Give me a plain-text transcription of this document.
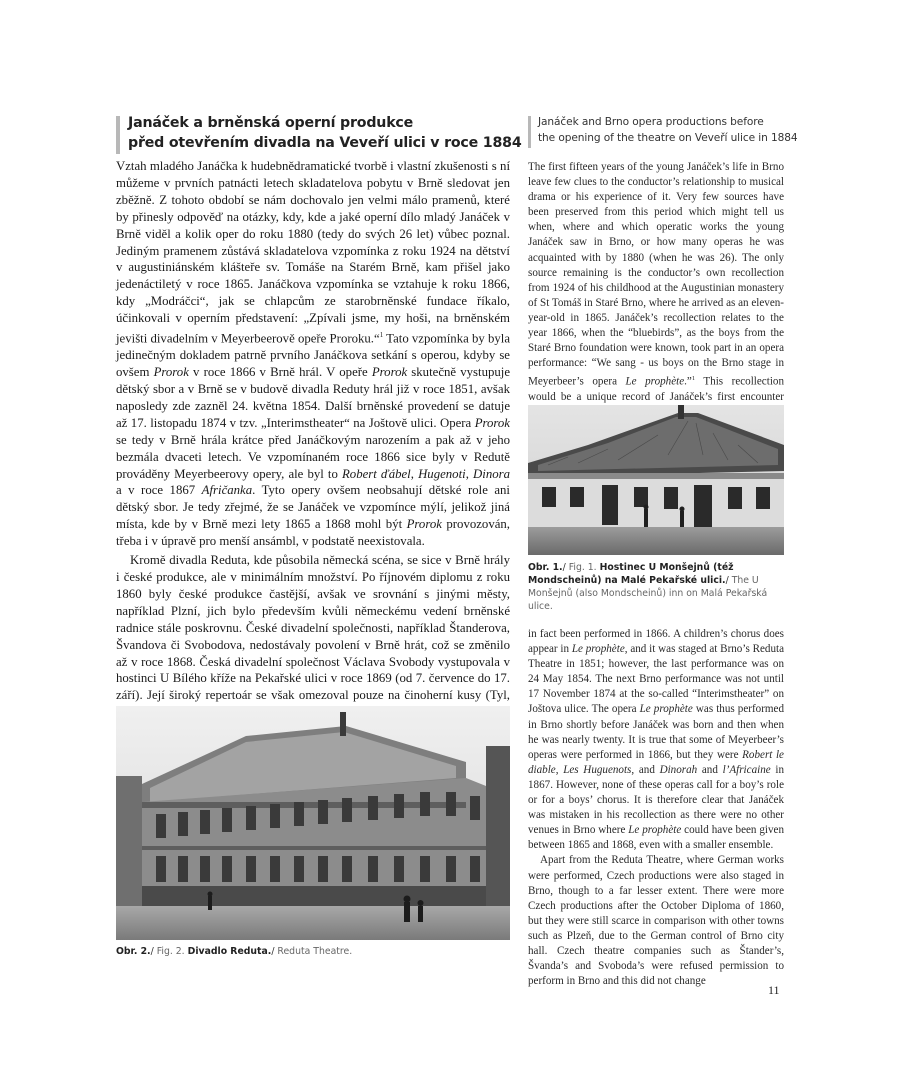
Janáček a brněnská operní produkce
před otevřením divadla na Veveří ulici v roce 1884

Vztah mladého Janáčka k hudebnědramatické tvorbě i vlastní zkušenosti s ní můžeme v prvních patnácti letech skladatelova pobytu v Brně sledovat jen zběžně. Z tohoto období se nám dochovalo jen velmi málo pramenů, které by přinesly odpověď na otázky, kdy, kde a jaké operní dílo mladý Janáček v Brně viděl a kolik oper do roku 1880 (tedy do svých 26 let) vůbec poznal. Jediným pramenem zůstává skladatelova vzpomínka z roku 1924 na dětství v augustiniánském klášteře sv. Tomáše na Starém Brně, kam přišel jako jedenáctiletý v roce 1865. Janáčkova vzpomínka se vztahuje k roku 1866, kdy „Modráčci“, jak se chlapcům ze starobrněnské fundace říkalo, účinkovali v operním představení: „Zpívali jsme, my hoši, na brněnském jevišti divadelním v Meyerbeerově opeře Proroku.“$^1$ Tato vzpomínka by byla jedinečným dokladem patrně prvního Janáčkova setkání s operou, kdyby se ovšem Prorok v roce 1866 v Brně hrál. V opeře Prorok skutečně vystupuje dětský sbor a v Brně se v budově divadla Reduty hrál již v roce 1851, avšak naposledy zde zazněl 24. května 1854. Další brněnské provedení se datuje až 17. listopadu 1874 v tzv. „Interimstheater“ na Joštově ulici. Opera Prorok se tedy v Brně hrála krátce před Janáčkovým narozením a pak až v jeho bezmála dvaceti letech. Ve vzpomínaném roce 1866 sice byly v Redutě prováděny Meyerbeerovy opery, ale byl to Robert ďábel, Hugenoti, Dinora a v roce 1867 Afričanka. Tyto opery ovšem neobsahují dětské role ani dětský sbor. Je tedy zřejmé, že se Janáček ve vzpomínce mýlí, jelikož jiná místa, kde by v Brně mezi lety 1865 a 1868 mohl být Prorok provozován, třeba i v úpravě pro menší ansámbl, v podstatě neexistovala.

Kromě divadla Reduta, kde působila německá scéna, se sice v Brně hrály i české produkce, ale v minimálním množství. Po říjnovém diplomu z roku 1860 byly české produkce častější, avšak ve srovnání s jinými městy, například Plzní, jich bylo především kvůli německému vedení brněnské radnice stále poskrovnu. České divadelní společnosti, například Štanderova, Švandova či Svobodova, nedostávaly povolení v Brně hrát, což se změnilo až v roce 1868. Česká divadelní společnost Václava Svobody vystupovala v hostinci U Bílého kříže na Pekařské ulici v roce 1869 (od 7. července do 17. září). Její široký repertoár se však omezoval pouze na činoherní kusy (Tyl,

Janáček and Brno opera productions before
the opening of the theatre on Veveří ulice in 1884

The first fifteen years of the young Janáček’s life in Brno leave few clues to the conductor’s relationship to musical drama or his experience of it. Very few sources have been preserved from this period which might tell us when, where and which operatic works the young Janáček saw in Brno, or how many operas he was acquainted with by 1880 (when he was 26). The only source remaining is the conductor’s own recollection from 1924 of his childhood at the Augustinian monastery of St Tomáš in Staré Brno, where he arrived as an eleven-year-old in 1865. Janáček’s recollection relates to the year 1866, when the “bluebirds”, as the boys from the Staré Brno foundation were known, took part in an opera performance: “We sang - us boys on the Brno stage in Meyerbeer’s opera Le prophète.”$^1$ This recollection would be a unique record of Janáček’s first encounter

Obr. 1./ Fig. 1. Hostinec U Monšejnů (též Mondscheinů) na Malé Pekařské ulici./ The U Monšejnů (also Mondscheinů) inn on Malá Pekařská ulice.

in fact been performed in 1866. A children’s chorus does appear in Le prophète, and it was staged at Brno’s Reduta Theatre in 1851; however, the last performance was on 24 May 1854. The next Brno performance was not until 17 November 1874 at the so-called “Interimstheater” on Joštova ulice. The opera Le prophète was thus performed in Brno shortly before Janáček was born and then when he was nearly twenty. It is true that some of Meyerbeer’s operas were performed in 1866, but they were Robert le diable, Les Huguenots, and Dinorah and l’Africaine in 1867. However, none of these operas call for a boy’s role or for a boys’ chorus. It is therefore clear that Janáček was mistaken in his recollection as there were no other venues in Brno where Le prophète could have been given between 1865 and 1868, even with a smaller ensemble.

Apart from the Reduta Theatre, where German works were performed, Czech productions were also staged in Brno, though to a far lesser extent. There were more Czech productions after the October Diploma of 1860, but they were still scarce in comparison with other towns such as Plzeň, due to the German control of Brno city hall. Czech theatre companies such as Štander’s, Švanda’s and Svoboda’s were refused permission to perform in Brno and this did not change

Obr. 2./ Fig. 2. Divadlo Reduta./ Reduta Theatre.
11
